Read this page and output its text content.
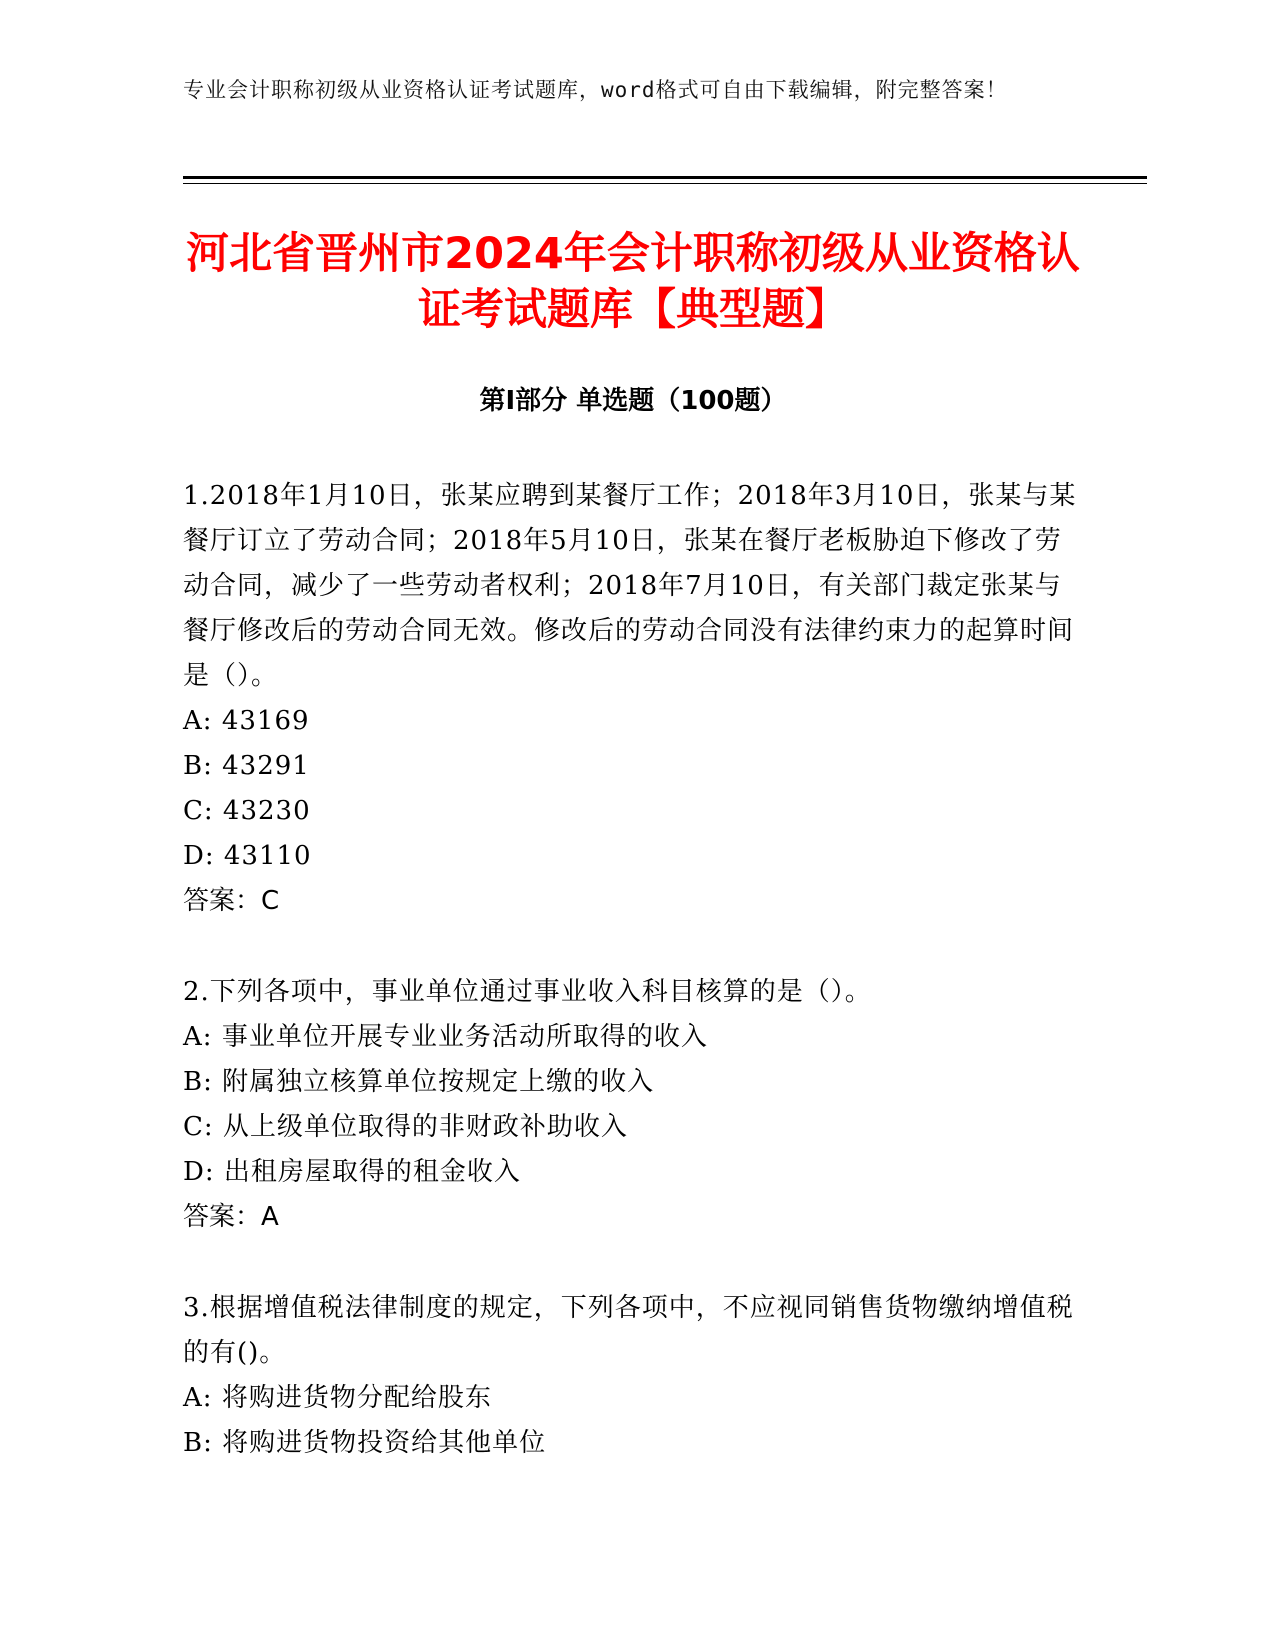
专业会计职称初级从业资格认证考试题库，word格式可自由下载编辑，附完整答案！
河北省晋州市2024年会计职称初级从业资格认证考试题库【典型题】
第I部分 单选题（100题）

1.2018年1月10日，张某应聘到某餐厅工作；2018年3月10日，张某与某餐厅订立了劳动合同；2018年5月10日，张某在餐厅老板胁迫下修改了劳动合同，减少了一些劳动者权利；2018年7月10日，有关部门裁定张某与餐厅修改后的劳动合同无效。修改后的劳动合同没有法律约束力的起算时间是（）。

A: 43169

B: 43291

C: 43230

D: 43110

答案：C

2.下列各项中，事业单位通过事业收入科目核算的是（）。

A: 事业单位开展专业业务活动所取得的收入

B: 附属独立核算单位按规定上缴的收入

C: 从上级单位取得的非财政补助收入

D: 出租房屋取得的租金收入

答案：A

3.根据增值税法律制度的规定，下列各项中，不应视同销售货物缴纳增值税的有()。

A: 将购进货物分配给股东

B: 将购进货物投资给其他单位
